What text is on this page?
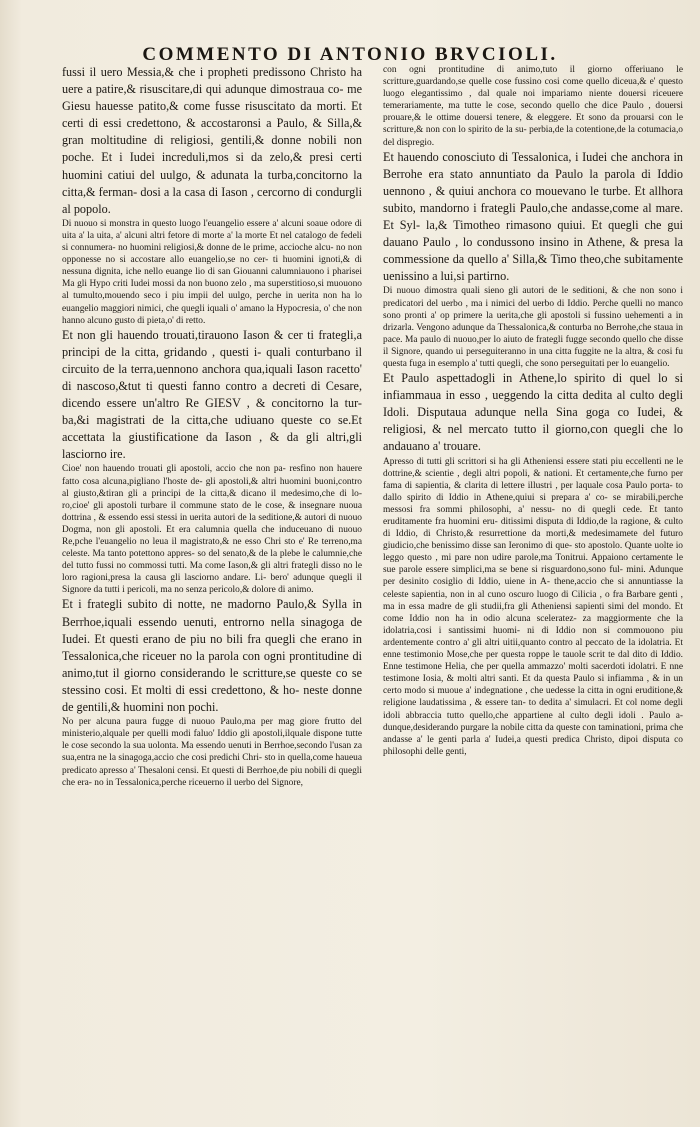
COMMENTO DI ANTONIO BRVCIOLI.

fussi il uero Messia,& che i propheti predissono Christo ha uere a patire,& risuscitare,di qui adunque dimostraua co- me Giesu hauesse patito,& come fusse risuscitato da morti. Et certi di essi credettono, & accostaronsi a Paulo, & Silla,& gran moltitudine di religiosi, gentili,& donne nobili non poche. Et i Iudei increduli,mos si da zelo,& presi certi huomini catiui del uulgo, & adunata la turba,concitorno la citta,& ferman- dosi a la casa di Iason , cercorno di condurgli al popolo.

Di nuouo si monstra in questo luogo l'euangelio essere a' alcuni soaue odore di uita a' la uita, a' alcuni altri fetore di morte a' la morte Et nel catalogo de fedeli si connumera- no huomini religiosi,& donne de le prime, accioche alcu- no non opponesse no si accostare allo euangelio,se no cer- ti huomini ignoti,& di nessuna dignita, iche nello euange lio di san Giouanni calumniauono i pharisei Ma gli Hypo criti Iudei mossi da non buono zelo , ma superstitioso,si muouono al tumulto,mouendo seco i piu impii del uulgo, perche in uerita non ha lo euangelio maggiori nimici, che quegli iquali o' amano la Hypocresia, o' che non hanno alcuno gusto di pieta,o' di retto.

Et non gli hauendo trouati,tirauono Iason & cer ti frategli,a principi de la citta, gridando , questi i- quali conturbano il circuito de la terra,uennono anchora qua,iquali Iason racetto' di nascoso,&tut ti questi fanno contro a decreti di Cesare, dicendo essere un'altro Re GIESV , & concitorno la tur- ba,&i magistrati de la citta,che udiuano queste co se.Et accettata la giustificatione da Iason , & da gli altri,gli lasciorno ire.

Cioe' non hauendo trouati gli apostoli, accio che non pa- resfino non hauere fatto cosa alcuna,pigliano l'hoste de- gli apostoli,& altri huomini buoni,contro al giusto,&tiran gli a principi de la citta,& dicano il medesimo,che di lo- ro,cioe' gli apostoli turbare il commune stato de le cose, & insegnare nuoua dottrina , & essendo essi stessi in uerita autori de la seditione,& autori di nuouo Dogma, non gli apostoli. Et era calumnia quella che induceuano di nuouo Re,pche l'euangelio no leua il magistrato,& ne esso Chri sto e' Re terreno,ma celeste. Ma tanto potettono appres- so del senato,& de la plebe le calumnie,che del tutto fussi no commossi tutti. Ma come Iason,& gli altri frategli disso no le loro ragioni,presa la causa gli lasciorno andare. Li- bero' adunque quegli il Signore da tutti i pericoli, ma no senza pericolo,& dolore di animo.

Et i frategli subito di notte, ne madorno Paulo,& Sylla in Berrhoe,iquali essendo uenuti, entrorno nella sinagoga de Iudei. Et questi erano de piu no bili fra quegli che erano in Tessalonica,che riceuer no la parola con ogni prontitudine di animo,tut il giorno considerando le scritture,se queste co se stessino cosi. Et molti di essi credettono, & ho- neste donne de gentili,& huomini non pochi.

No per alcuna paura fugge di nuouo Paulo,ma per mag giore frutto del ministerio,alquale per quelli modi faluo' Iddio gli apostoli,ilquale dispone tutte le cose secondo la sua uolonta. Ma essendo uenuti in Berrhoe,secondo l'usan za sua,entra ne la sinagoga,accio che cosi predichi Chri- sto in quella,come haueua predicato apresso a' Thesaloni censi. Et questi di Berrhoe,de piu nobili di quegli che era- no in Tessalonica,perche riceuerno il uerbo del Signore,

con ogni prontitudine di animo,tuto il giorno offeriuano le scritture,guardando,se quelle cose fussino cosi come quello diceua,& e' questo luogo elegantissimo , dal quale noi impariamo niente douersi riceuere temerariamente, ma tutte le cose, secondo quello che dice Paulo , douersi prouare,& le ottime douersi tenere, & eleggere. Et sono da prouarsi con le scritture,& non con lo spirito de la su- perbia,de la cotentione,de la cotumacia,o del dispregio.

Et hauendo conosciuto di Tessalonica, i Iudei che anchora in Berrohe era stato annuntiato da Paulo la parola di Iddio uennono , & quiui anchora co mouevano le turbe. Et allhora subito, mandorno i frategli Paulo,che andasse,come al mare. Et Syl- la,& Timotheo rimasono quiui. Et quegli che gui dauano Paulo , lo condussono insino in Athene, & presa la commessione da quello a' Silla,& Timo theo,che subitamente uenissino a lui,si partirno.

Di nuouo dimostra quali sieno gli autori de le seditioni, & che non sono i predicatori del uerbo , ma i nimici del uerbo di Iddio. Perche quelli no manco sono pronti a' op primere la uerita,che gli apostoli si fussino uehementi a in drizarla. Vengono adunque da Thessalonica,& conturba no Berrohe,che staua in pace. Ma paulo di nuouo,per lo aiuto de frategli fugge secondo quello che disse il Signore, quando ui perseguiteranno in una citta fuggite ne la altra, & cosi fu questa fuga in esemplo a' tutti quegli, che sono perseguitati per lo euangelio.

Et Paulo aspettadogli in Athene,lo spirito di quel lo si infiammaua in esso , ueggendo la citta dedita al culto degli Idoli. Disputaua adunque nella Sina goga co Iudei, & religiosi, & nel mercato tutto il giorno,con quegli che lo andauano a' trouare.

Apresso di tutti gli scrittori si ha gli Atheniensi essere stati piu eccellenti ne le dottrine,& scientie , degli altri popoli, & nationi. Et certamente,che furno per fama di sapientia, & clarita di lettere illustri , per laquale cosa Paulo porta- to dallo spirito di Iddio in Athene,quiui si prepara a' co- se mirabili,perche messosi fra sommi philosophi, a' nessu- no di quegli cede. Et tanto eruditamente fra huomini eru- ditissimi disputa di Iddio,de la ragione, & culto di Iddio, di Christo,& resurrettione da morti,& medesimamete del futuro giudicio,che benissimo disse san Ieronimo di que- sto apostolo. Quante uolte io leggo questo , mi pare non udire parole,ma Tonitrui. Appaiono certamente le sue parole essere simplici,ma se bene si risguardono,sono ful- mini. Adunque per desinito cosiglio di Iddio, uiene in A- thene,accio che si annuntiasse la celeste sapientia, non in al cuno oscuro luogo di Cilicia , o fra Barbare genti , ma in essa madre de gli studii,fra gli Atheniensi sapienti simi del mondo. Et come Iddio non ha in odio alcuna sceleratez- za maggiormente che la idolatria,cosi i santissimi huomi- ni di Iddio non si commouono piu ardentemente contro a' gli altri uitii,quanto contro al peccato de la idolatria. Et enne testimonio Mose,che per questa roppe le tauole scrit te dal dito di Iddio. Enne testimone Helia, che per quella ammazzo' molti sacerdoti idolatri. E nne testimone Iosia, & molti altri santi. Et da questa Paulo si infiamma , & in un certo modo si muoue a' indegnatione , che uedesse la citta in ogni eruditione,& religione laudatissima , & essere tan- to dedita a' simulacri. Et col nome degli idoli abbraccia tutto quello,che appartiene al culto degli idoli . Paulo a- dunque,desiderando purgare la nobile citta da queste con taminationi, prima che andasse a' le genti parla a' Iudei,a questi predica Christo, dipoi disputa co philosophi delle genti,
